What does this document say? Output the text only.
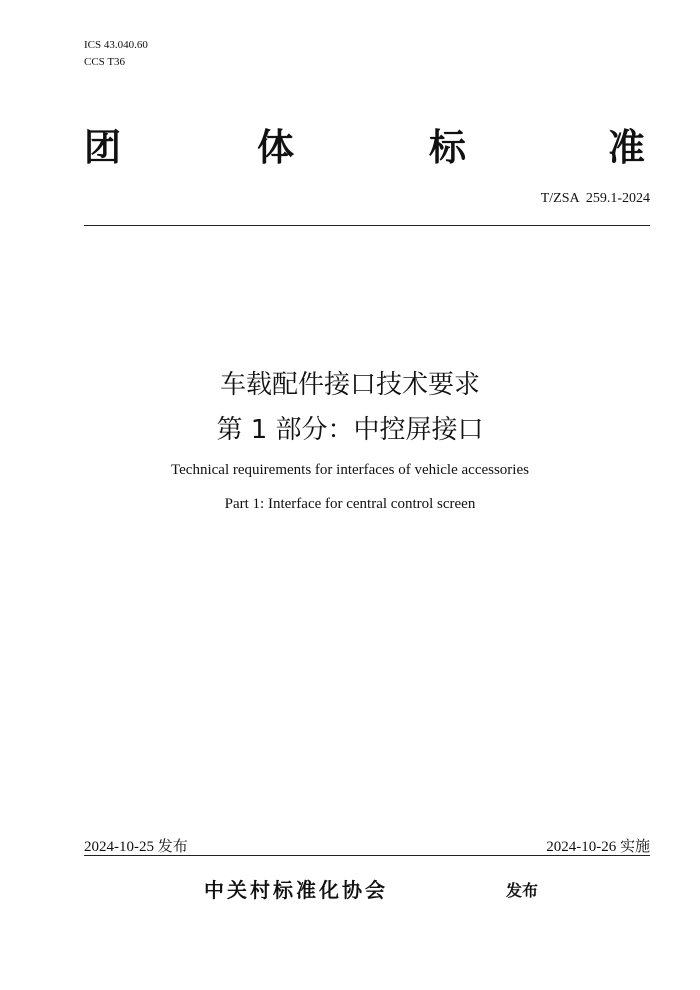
ICS 43.040.60
CCS T36
团	体	标	准
T/ZSA  259.1-2024
车载配件接口技术要求
第 1 部分：中控屏接口
Technical requirements for interfaces of vehicle accessories
Part 1: Interface for central control screen
2024-10-25 发布	2024-10-26 实施
中关村标准化协会	发布
